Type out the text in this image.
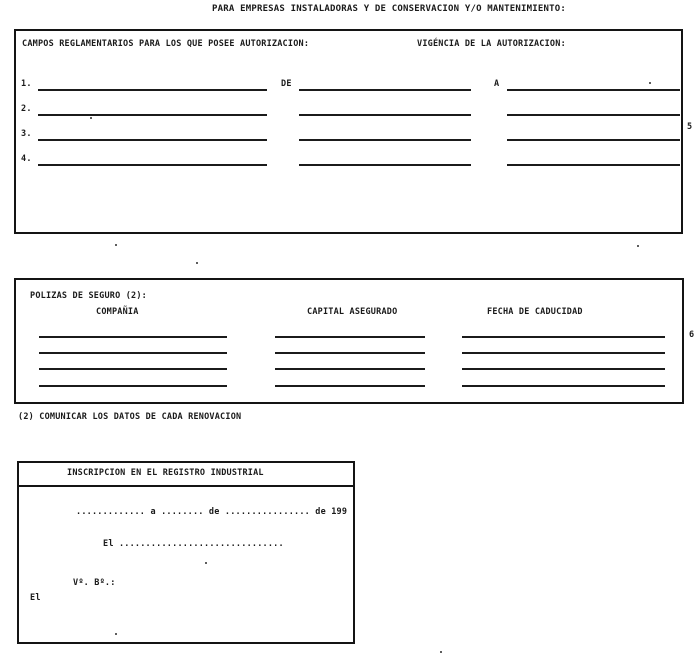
PARA EMPRESAS INSTALADORAS Y DE CONSERVACION Y/O MANTENIMIENTO:
CAMPOS REGLAMENTARIOS PARA LOS QUE POSEE AUTORIZACION:	VIGÉNCIA DE LA AUTORIZACION:
1.	DE	A
2.
3.
4.
5
POLIZAS DE SEGURO (2):
COMPAÑIA	CAPITAL ASEGURADO	FECHA DE CADUCIDAD
6
(2) COMUNICAR LOS DATOS DE CADA RENOVACION
INSCRIPCION EN EL REGISTRO INDUSTRIAL
............. a ........ de ................ de 199
El ...............................
Vº. Bº.:
El
